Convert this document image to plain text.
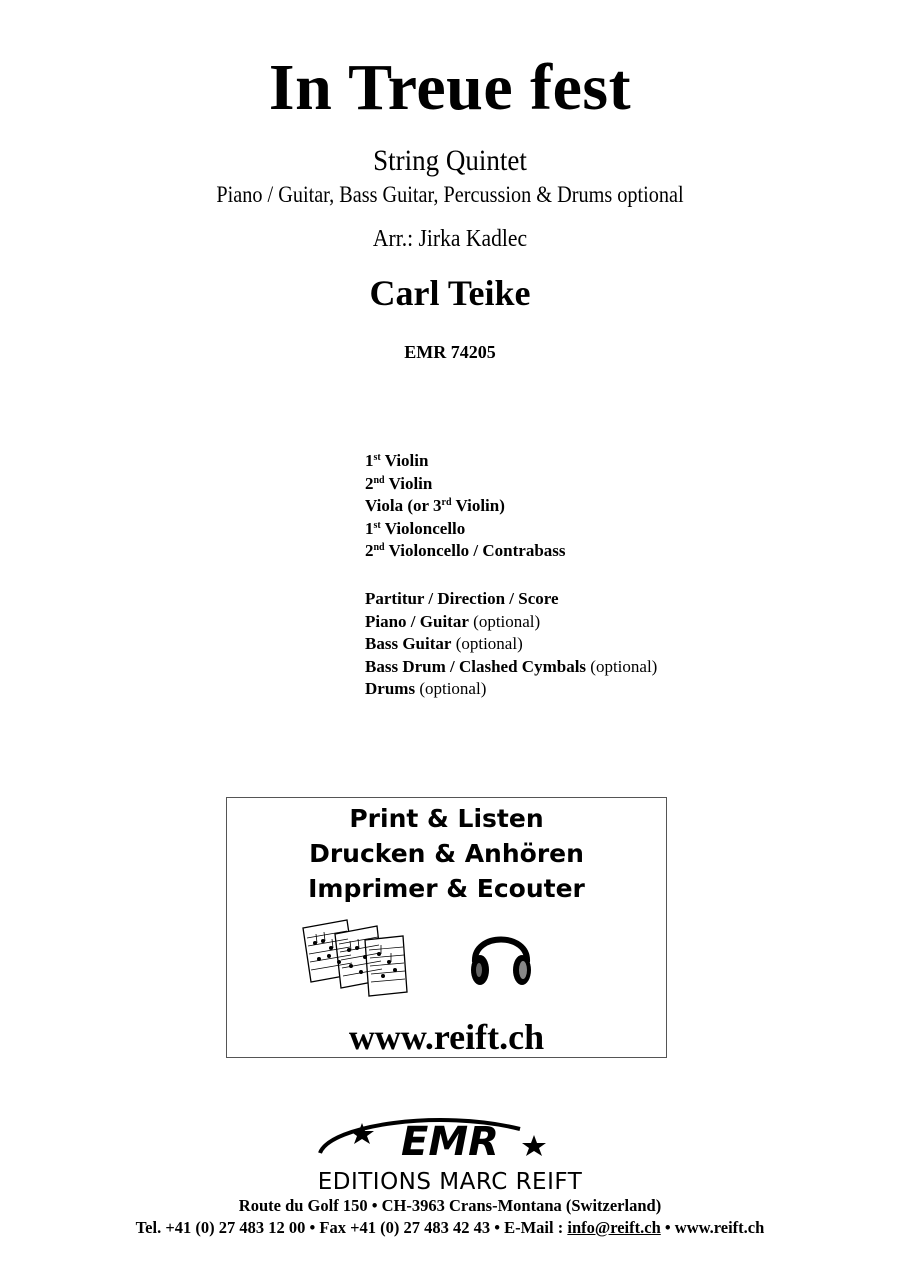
In Treue fest
String Quintet
Piano / Guitar, Bass Guitar, Percussion & Drums optional
Arr.: Jirka Kadlec
Carl Teike
EMR 74205
1st Violin
2nd Violin
Viola (or 3rd Violin)
1st Violoncello
2nd Violoncello / Contrabass
Partitur / Direction / Score
Piano / Guitar (optional)
Bass Guitar (optional)
Bass Drum / Clashed Cymbals (optional)
Drums (optional)
Print & Listen
Drucken & Anhören
Imprimer & Ecouter
www.reift.ch
EMR
EDITIONS MARC REIFT
Route du Golf 150 • CH-3963 Crans-Montana (Switzerland)
Tel. +41 (0) 27 483 12 00 • Fax +41 (0) 27 483 42 43 • E-Mail : info@reift.ch • www.reift.ch
